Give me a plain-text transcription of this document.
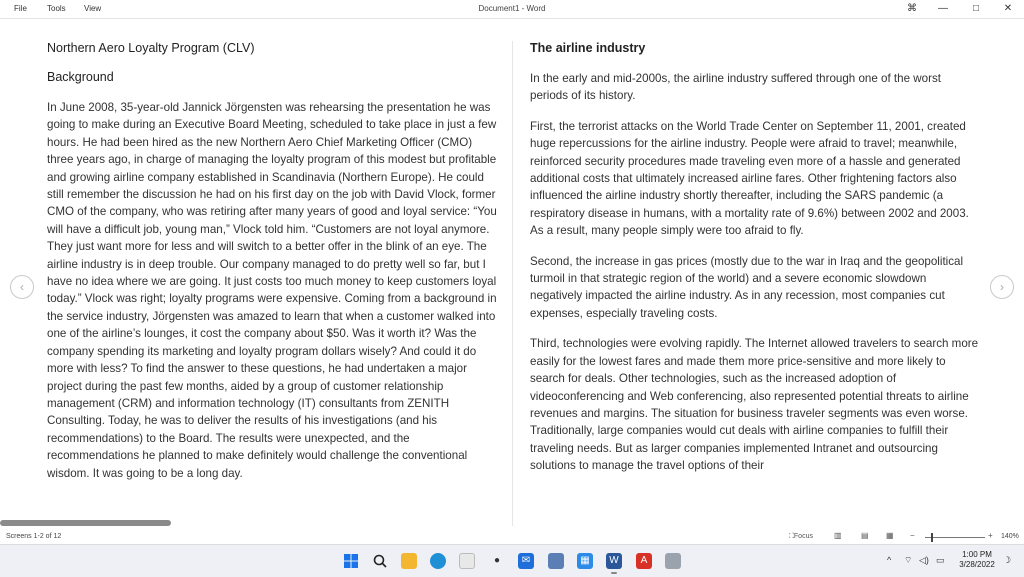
File	Tools View	Document1 - Word	⌘	—	□	✕

Northern Aero Loyalty Program (CLV)

Background

In June 2008, 35-year-old Jannick Jörgensten was rehearsing the presentation he was going to make during an Executive Board Meeting, scheduled to take place in just a few hours. He had been hired as the new Northern Aero Chief Marketing Officer (CMO) three years ago, in charge of managing the loyalty program of this modest but profitable and growing airline company established in Scandinavia (Northern Europe). He could still remember the discussion he had on his first day on the job with David Vlock, former CMO of the company, who was retiring after many years of good and loyal service: “You will have a difficult job, young man,” Vlock told him. “Customers are not loyal anymore. They just want more for less and will switch to a better offer in the blink of an eye. The airline industry is in deep trouble. Our company managed to do pretty well so far, but I have no idea where we are going. It just costs too much money to keep customers loyal today.” Vlock was right; loyalty programs were expensive. Coming from a background in the service industry, Jörgensten was amazed to learn that when a customer walked into one of the airline’s lounges, it cost the company about $50. Was it worth it? Was the company spending its marketing and loyalty program dollars wisely? And could it do more with less? To find the answer to these questions, he had undertaken a major project during the past few months, aided by a group of customer relationship management (CRM) and information technology (IT) consultants from ZENITH Consulting. Today, he was to deliver the results of his investigations (and his recommendations) to the Board. The results were unexpected, and the recommendations he planned to make definitely would challenge the conventional wisdom. It was going to be a long day.

The airline industry

In the early and mid-2000s, the airline industry suffered through one of the worst periods of its history.

First, the terrorist attacks on the World Trade Center on September 11, 2001, created huge repercussions for the airline industry. People were afraid to travel; meanwhile, reinforced security procedures made traveling even more of a hassle and generated additional costs that ultimately increased airline fares. Other frightening factors also influenced the airline industry shortly thereafter, including the SARS pandemic (a respiratory disease in humans, with a mortality rate of 9.6%) between 2002 and 2003. As a result, many people simply were too afraid to fly.

Second, the increase in gas prices (mostly due to the war in Iraq and the geopolitical turmoil in that strategic region of the world) and a severe economic slowdown negatively impacted the airline industry. As in any recession, most companies cut expenses, especially traveling costs.

Third, technologies were evolving rapidly. The Internet allowed travelers to search more easily for the lowest fares and made them more price-sensitive and more likely to search for deals. Other technologies, such as the increased adoption of videoconferencing and Web conferencing, also represented potential threats to airline revenues and margins. The situation for business traveler segments was even worse. Traditionally, large companies would cut deals with airline companies to fulfill their traveling needs. But as larger companies implemented Intranet and outsourcing solutions to manage the travel options of their

‹	›
Screens 1-2 of 12	⛶Focus	▥ ▤ ▦ −	+ 140%
●	✉	▦	W	A	^ ⌔ ◁) ▭
1:00 PM
3/28/2022 ☽
